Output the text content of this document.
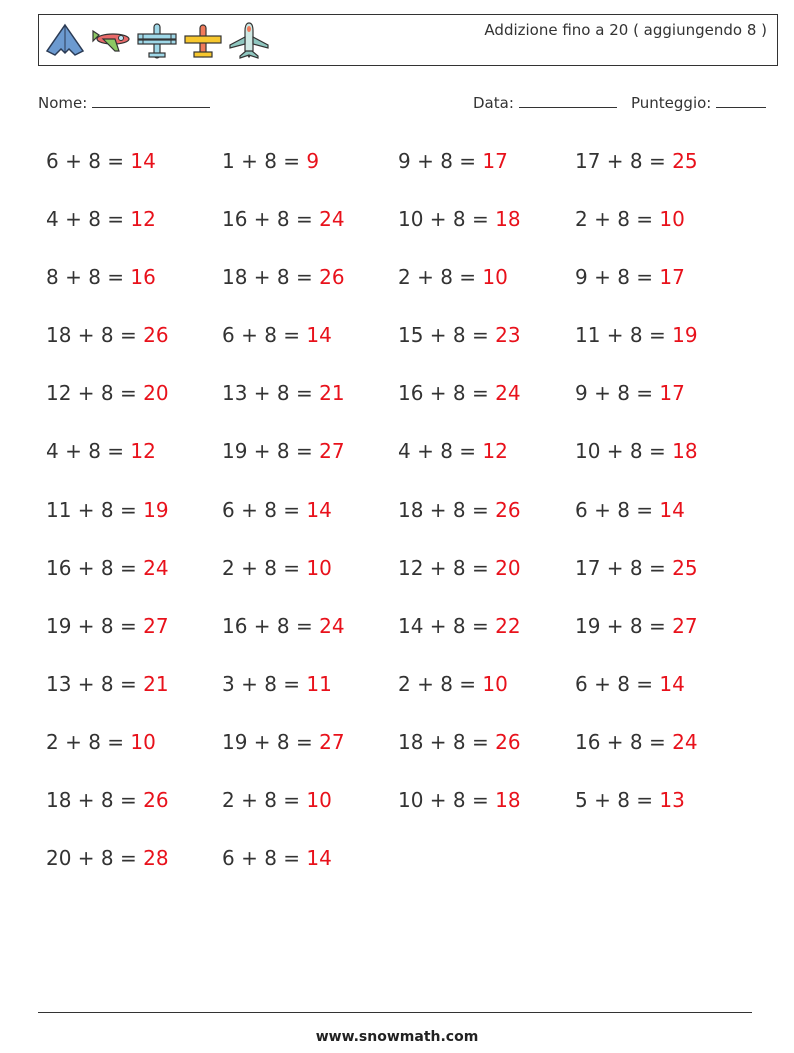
Addizione fino a 20 ( aggiungendo 8 )
Nome:	Data:	Punteggio:
6 + 8 = 14	1 + 8 = 9	9 + 8 = 17	17 + 8 = 25
4 + 8 = 12	16 + 8 = 24	10 + 8 = 18	2 + 8 = 10
8 + 8 = 16	18 + 8 = 26	2 + 8 = 10	9 + 8 = 17
18 + 8 = 26	6 + 8 = 14	15 + 8 = 23	11 + 8 = 19
12 + 8 = 20	13 + 8 = 21	16 + 8 = 24	9 + 8 = 17
4 + 8 = 12	19 + 8 = 27	4 + 8 = 12	10 + 8 = 18
11 + 8 = 19	6 + 8 = 14	18 + 8 = 26	6 + 8 = 14
16 + 8 = 24	2 + 8 = 10	12 + 8 = 20	17 + 8 = 25
19 + 8 = 27	16 + 8 = 24	14 + 8 = 22	19 + 8 = 27
13 + 8 = 21	3 + 8 = 11	2 + 8 = 10	6 + 8 = 14
2 + 8 = 10	19 + 8 = 27	18 + 8 = 26	16 + 8 = 24
18 + 8 = 26	2 + 8 = 10	10 + 8 = 18	5 + 8 = 13
20 + 8 = 28	6 + 8 = 14
www.snowmath.com
